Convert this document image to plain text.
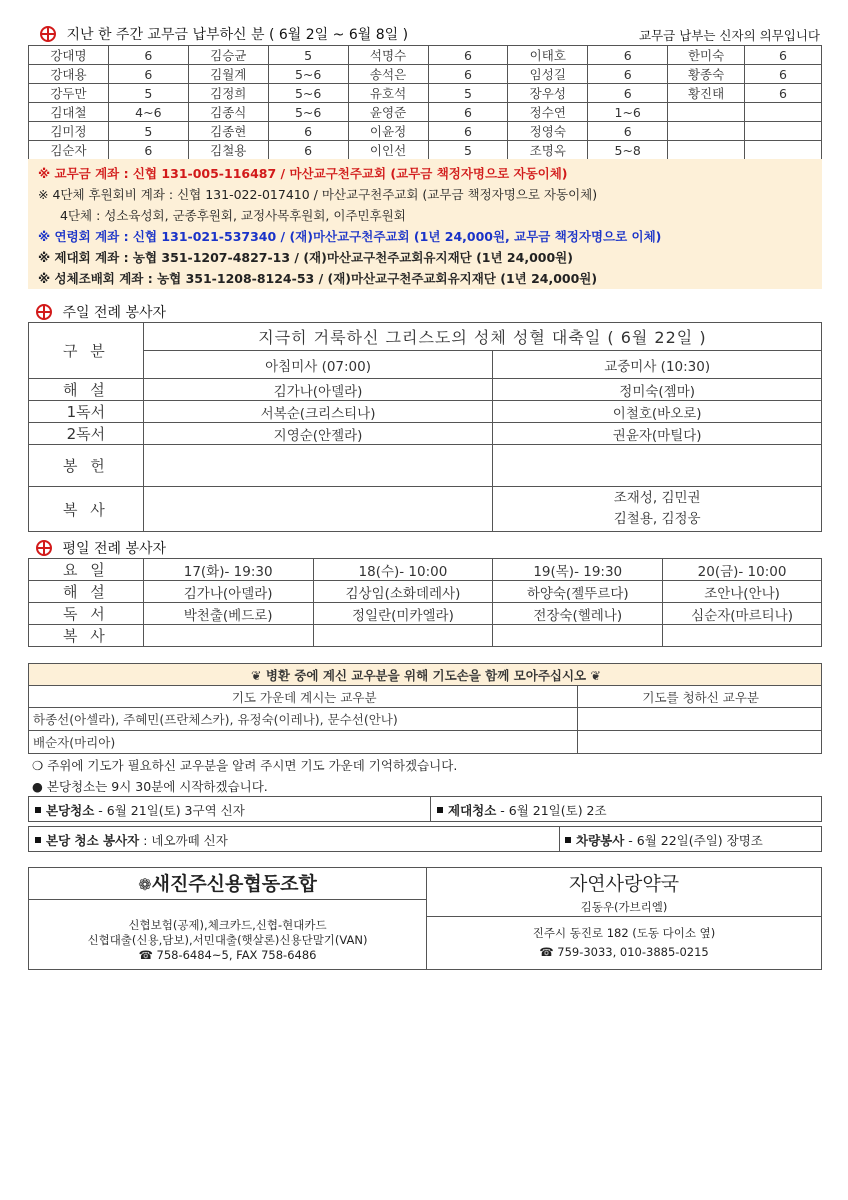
지난 한 주간 교무금 납부하신 분 ( 6월 2일 ~ 6월 8일 )	교무금 납부는 신자의 의무입니다
강대명	6	김승균	5	석명수	6	이태호	6	한미숙	6
강대용	6	김월계	5~6	송석은	6	임성길	6	황종숙	6
강두만	5	김정희	5~6	유호석	5	장우성	6	황진태	6
김대철	4~6	김종식	5~6	윤영준	6	정수연	1~6		
김미정	5	김종현	6	이윤정	6	정영숙	6		
김순자	6	김철용	6	이인선	5	조명옥	5~8		
※ 교무금 계좌 : 신협 131-005-116487 / 마산교구천주교회 (교무금 책정자명으로 자동이체)
※ 4단체 후원회비 계좌 : 신협 131-022-017410 / 마산교구천주교회 (교무금 책정자명으로 자동이체)
4단체 : 성소육성회, 군종후원회, 교정사목후원회, 이주민후원회
※ 연령회 계좌 : 신협 131-021-537340 / (재)마산교구천주교회 (1년 24,000원, 교무금 책정자명으로 이체)
※ 제대회 계좌 : 농협 351-1207-4827-13 / (재)마산교구천주교회유지재단 (1년 24,000원)
※ 성체조배회 계좌 : 농협 351-1208-8124-53 / (재)마산교구천주교회유지재단 (1년 24,000원)
주일 전례 봉사자
구 분	지극히 거룩하신 그리스도의 성체 성혈 대축일 ( 6월 22일 )	
	아침미사 (07:00)	교중미사 (10:30)
해 설	김가나(아델라)	정미숙(젬마)
1독서	서복순(크리스티나)	이철호(바오로)
2독서	지영순(안젤라)	권윤자(마틸다)
봉 헌		
복 사		조재성, 김민권
김철용, 김정웅
평일 전례 봉사자
요 일	17(화)- 19:30	18(수)- 10:00	19(목)- 19:30	20(금)- 10:00
해 설	김가나(아델라)	김상임(소화데레사)	하양숙(젤뚜르다)	조안나(안나)
독 서	박천출(베드로)	정일란(미카엘라)	전장숙(헬레나)	심순자(마르티나)
복 사				
❦ 병환 중에 계신 교우분을 위해 기도손을 함께 모아주십시오 ❦	
기도 가운데 계시는 교우분	기도를 청하신 교우분
하종선(아셀라), 주혜민(프란체스카), 유정숙(이레나), 문수선(안나)	
배순자(마리아)	
❍ 주위에 기도가 필요하신 교우분을 알려 주시면 기도 가운데 기억하겠습니다.
● 본당청소는 9시 30분에 시작하겠습니다.
본당청소 - 6월 21일(토) 3구역 신자	제대청소 - 6월 21일(토) 2조
본당 청소 봉사자 : 네오까떼 신자	차량봉사 - 6월 22일(주일) 장명조
❁새진주신용협동조합
신협보험(공제),체크카드,신협-현대카드
신협대출(신용,담보),서민대출(햇살론)신용단말기(VAN)
☎ 758-6484~5, FAX 758-6486
자연사랑약국
김동우(가브리엘)
진주시 동진로 182 (도동 다이소 옆)
☎ 759-3033, 010-3885-0215
